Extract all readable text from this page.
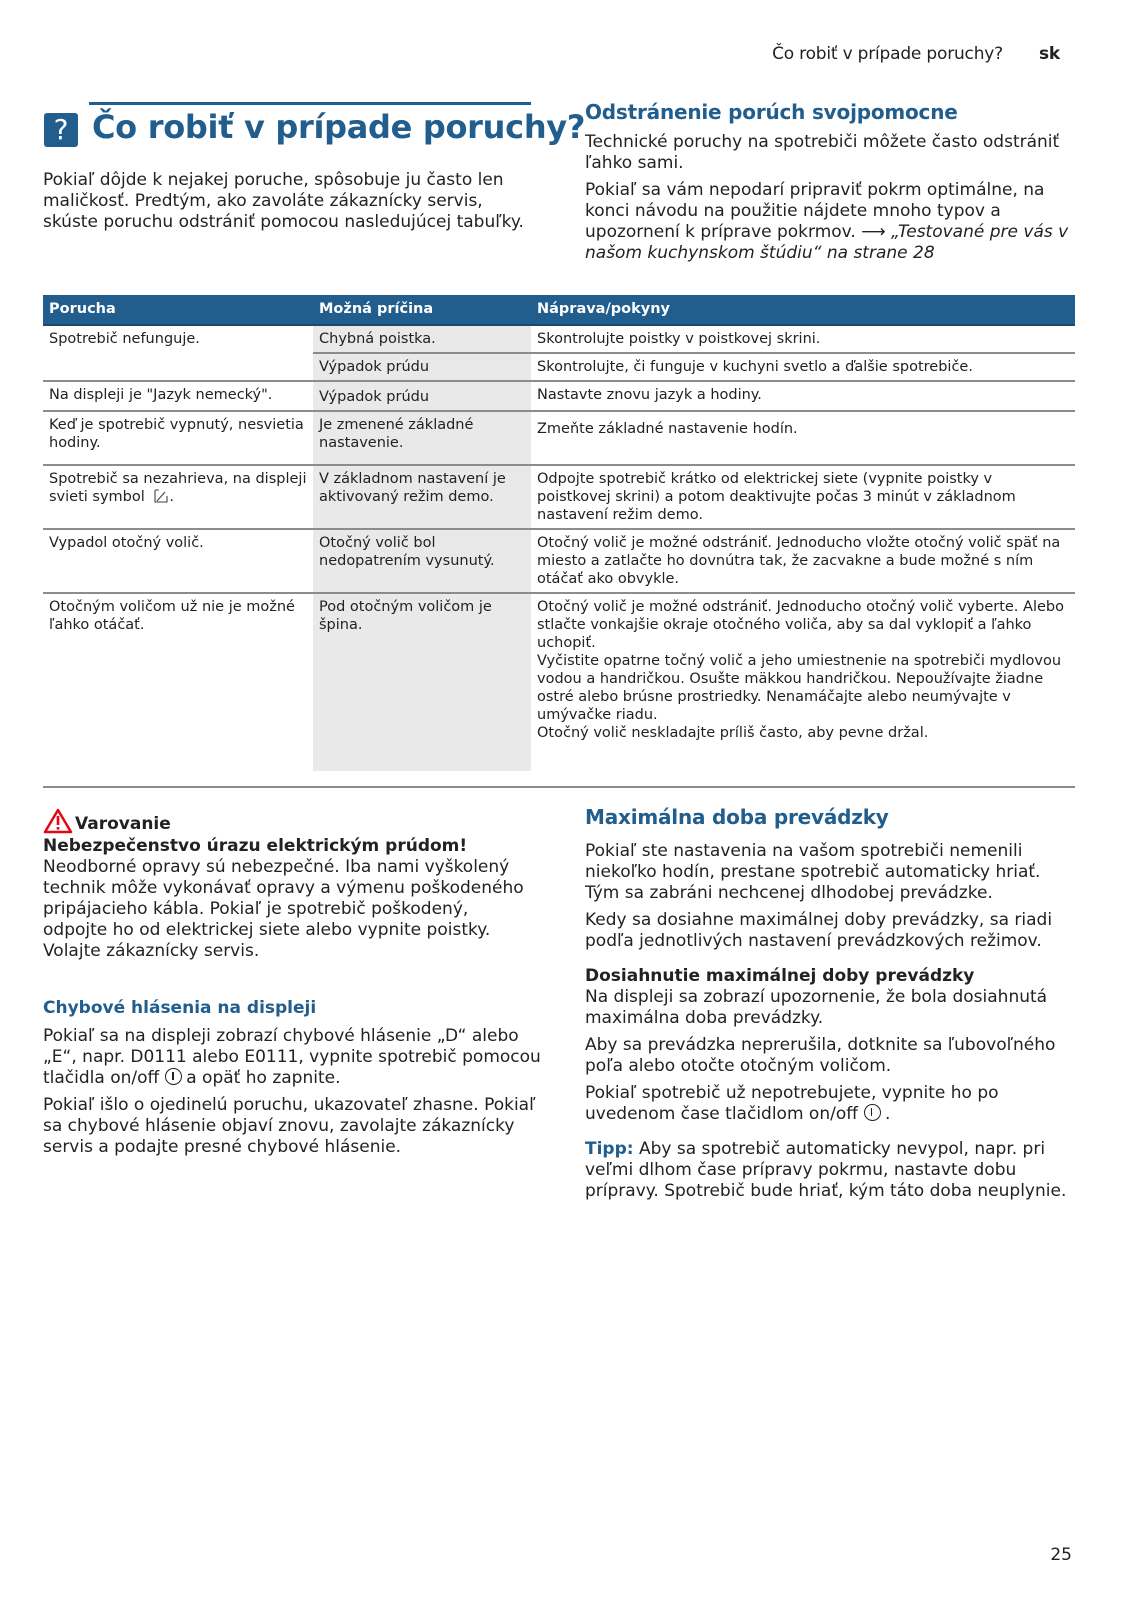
Čo robiť v prípade poruchy? sk
? Čo robiť v prípade poruchy?

Pokiaľ dôjde k nejakej poruche, spôsobuje ju často len maličkosť. Predtým, ako zavoláte zákaznícky servis, skúste poruchu odstrániť pomocou nasledujúcej tabuľky.

Odstránenie porúch svojpomocne

Technické poruchy na spotrebiči môžete často odstrániť ľahko sami.

Pokiaľ sa vám nepodarí pripraviť pokrm optimálne, na konci návodu na použitie nájdete mnoho typov a upozornení k príprave pokrmov. ⟶ „Testované pre vás v našom kuchynskom štúdiu“ na strane 28

Porucha	Možná príčina	Náprava/pokyny
Spotrebič nefunguje.	Chybná poistka.	Skontrolujte poistky v poistkovej skrini.
	Výpadok prúdu	Skontrolujte, či funguje v kuchyni svetlo a ďalšie spotrebiče.
Na displeji je "Jazyk nemecký".	Výpadok prúdu	Nastavte znovu jazyk a hodiny.
Keď je spotrebič vypnutý, nesvietia hodiny.	Je zmenené základné nastavenie.	Zmeňte základné nastavenie hodín.
Spotrebič sa nezahrieva, na displeji svieti symbol .	V základnom nastavení je aktivovaný režim demo.	Odpojte spotrebič krátko od elektrickej siete (vypnite poistky v poistkovej skrini) a potom deaktivujte počas 3 minút v základnom nastavení režim demo.
Vypadol otočný volič.	Otočný volič bol nedopatrením vysunutý.	Otočný volič je možné odstrániť. Jednoducho vložte otočný volič späť na miesto a zatlačte ho dovnútra tak, že zacvakne a bude možné s ním otáčať ako obvykle.
Otočným voličom už nie je možné ľahko otáčať.	Pod otočným voličom je špina.	Otočný volič je možné odstrániť. Jednoducho otočný volič vyberte. Alebo stlačte vonkajšie okraje otočného voliča, aby sa dal vyklopiť a ľahko uchopiť.
Vyčistite opatrne točný volič a jeho umiestnenie na spotrebiči mydlovou vodou a handričkou. Osušte mäkkou handričkou. Nepoužívajte žiadne ostré alebo brúsne prostriedky. Nenamáčajte alebo neumývajte v umývačke riadu.
Otočný volič neskladajte príliš často, aby pevne držal.
Varovanie
Nebezpečenstvo úrazu elektrickým prúdom!

Neodborné opravy sú nebezpečné. Iba nami vyškolený technik môže vykonávať opravy a výmenu poškodeného pripájacieho kábla. Pokiaľ je spotrebič poškodený, odpojte ho od elektrickej siete alebo vypnite poistky. Volajte zákaznícky servis.

Chybové hlásenia na displeji

Pokiaľ sa na displeji zobrazí chybové hlásenie „D“ alebo „E“, napr. D0111 alebo E0111, vypnite spotrebič pomocou tlačidla on/off a opäť ho zapnite.

Pokiaľ išlo o ojedinelú poruchu, ukazovateľ zhasne. Pokiaľ sa chybové hlásenie objaví znovu, zavolajte zákaznícky servis a podajte presné chybové hlásenie.

Maximálna doba prevádzky

Pokiaľ ste nastavenia na vašom spotrebiči nemenili niekoľko hodín, prestane spotrebič automaticky hriať. Tým sa zabráni nechcenej dlhodobej prevádzke.

Kedy sa dosiahne maximálnej doby prevádzky, sa riadi podľa jednotlivých nastavení prevádzkových režimov.

Dosiahnutie maximálnej doby prevádzky

Na displeji sa zobrazí upozornenie, že bola dosiahnutá maximálna doba prevádzky.

Aby sa prevádzka neprerušila, dotknite sa ľubovoľného poľa alebo otočte otočným voličom.

Pokiaľ spotrebič už nepotrebujete, vypnite ho po uvedenom čase tlačidlom on/off .

Tipp: Aby sa spotrebič automaticky nevypol, napr. pri veľmi dlhom čase prípravy pokrmu, nastavte dobu prípravy. Spotrebič bude hriať, kým táto doba neuplynie.

25
